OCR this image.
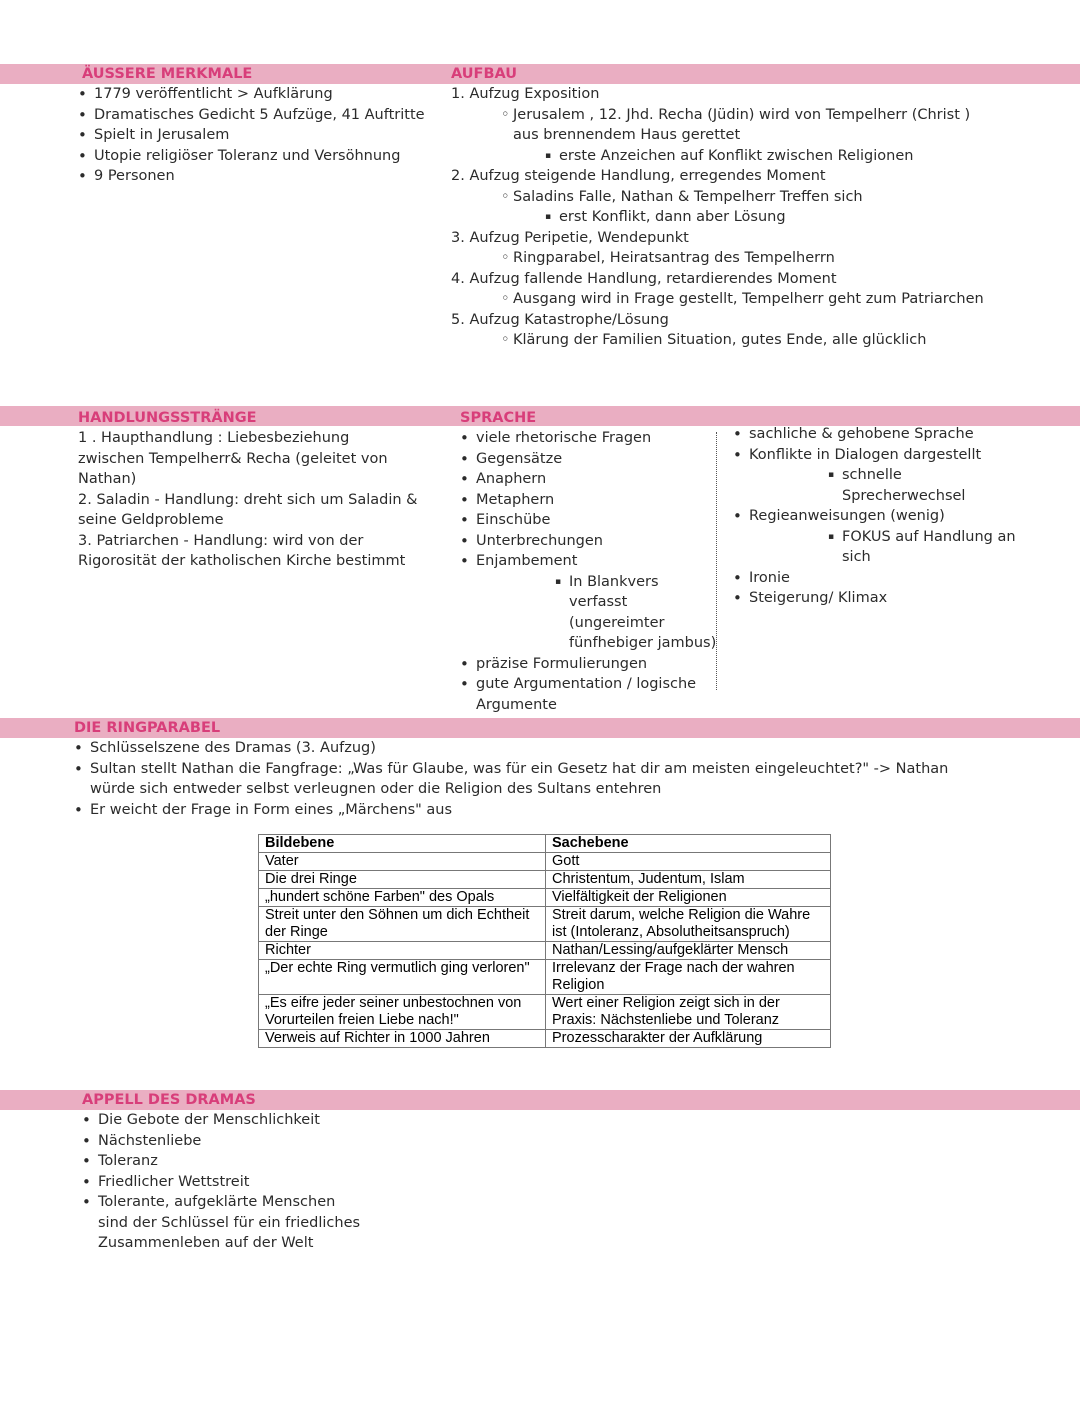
ÄUSSERE MERKMALE
• 1779 veröffentlicht > Aufklärung
• Dramatisches Gedicht 5 Aufzüge, 41 Auftritte
• Spielt in Jerusalem
• Utopie religiöser Toleranz und Versöhnung
• 9 Personen
AUFBAU
1. Aufzug Exposition
◦ Jerusalem , 12. Jhd. Recha (Jüdin) wird von Tempelherr (Christ ) aus brennendem Haus gerettet
▪ erste Anzeichen auf Konflikt zwischen Religionen
2. Aufzug steigende Handlung, erregendes Moment
◦ Saladins Falle, Nathan & Tempelherr Treffen sich
▪ erst Konflikt, dann aber Lösung
3. Aufzug Peripetie, Wendepunkt
◦ Ringparabel, Heiratsantrag des Tempelherrn
4. Aufzug fallende Handlung, retardierendes Moment
◦ Ausgang wird in Frage gestellt, Tempelherr geht zum Patriarchen
5. Aufzug Katastrophe/Lösung
◦ Klärung der Familien Situation, gutes Ende, alle glücklich
HANDLUNGSSTRÄNGE
1 . Haupthandlung : Liebesbeziehung zwischen Tempelherr& Recha (geleitet von Nathan)
2. Saladin - Handlung: dreht sich um Saladin & seine Geldprobleme
3. Patriarchen - Handlung: wird von der Rigorosität der katholischen Kirche bestimmt
SPRACHE
• viele rhetorische Fragen
• Gegensätze
• Anaphern
• Metaphern
• Einschübe
• Unterbrechungen
• Enjambement
▪ In Blankvers verfasst (ungereimter fünfhebiger jambus)
• präzise Formulierungen
• gute Argumentation / logische Argumente
• sachliche & gehobene Sprache
• Konflikte in Dialogen dargestellt
▪ schnelle Sprecherwechsel
• Regieanweisungen (wenig)
▪ FOKUS auf Handlung an sich
• Ironie
• Steigerung/ Klimax
DIE RINGPARABEL
• Schlüsselszene des Dramas (3. Aufzug)
• Sultan stellt Nathan die Fangfrage: „Was für Glaube, was für ein Gesetz hat dir am meisten eingeleuchtet?" -> Nathan würde sich entweder selbst verleugnen oder die Religion des Sultans entehren
• Er weicht der Frage in Form eines „Märchens" aus
Bildebene	Sachebene
Vater	Gott
Die drei Ringe	Christentum, Judentum, Islam
„hundert schöne Farben" des Opals	Vielfältigkeit der Religionen
Streit unter den Söhnen um dich Echtheit der Ringe	Streit darum, welche Religion die Wahre ist (Intoleranz, Absolutheitsanspruch)
Richter	Nathan/Lessing/aufgeklärter Mensch
„Der echte Ring vermutlich ging verloren"	Irrelevanz der Frage nach der wahren Religion
„Es eifre jeder seiner unbestochnen von Vorurteilen freien Liebe nach!"	Wert einer Religion zeigt sich in der Praxis: Nächstenliebe und Toleranz
Verweis auf Richter in 1000 Jahren	Prozesscharakter der Aufklärung
APPELL DES DRAMAS
• Die Gebote der Menschlichkeit
• Nächstenliebe
• Toleranz
• Friedlicher Wettstreit
• Tolerante, aufgeklärte Menschen sind der Schlüssel für ein friedliches Zusammenleben auf der Welt
